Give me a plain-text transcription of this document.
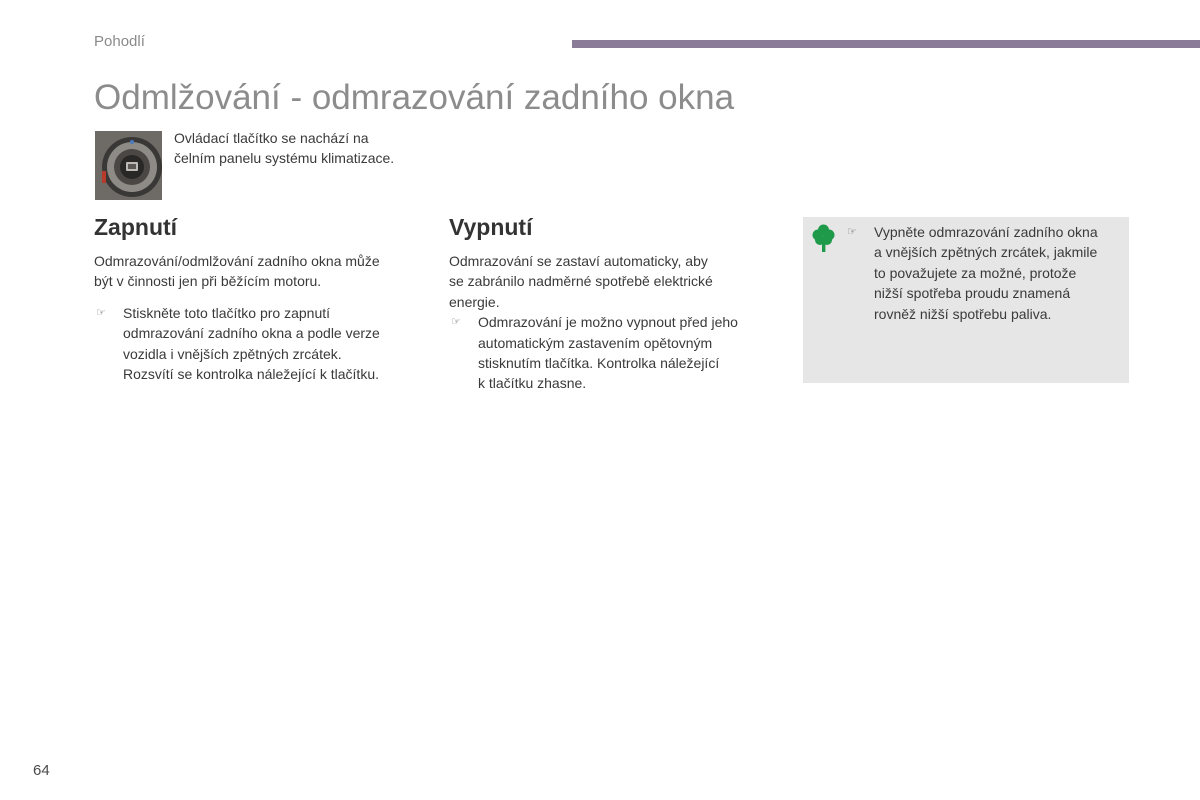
Pohodlí
Odmlžování - odmrazování zadního okna
Ovládací tlačítko se nachází na
čelním panelu systému klimatizace.
Zapnutí

Odmrazování/odmlžování zadního okna může
být v činnosti jen při běžícím motoru.

☞ Stiskněte toto tlačítko pro zapnutí
odmrazování zadního okna a podle verze
vozidla i vnějších zpětných zrcátek.
Rozsvítí se kontrolka náležející k tlačítku.
Vypnutí

Odmrazování se zastaví automaticky, aby
se zabránilo nadměrné spotřebě elektrické
energie.

☞ Odmrazování je možno vypnout před jeho
automatickým zastavením opětovným
stisknutím tlačítka. Kontrolka náležející
k tlačítku zhasne.
☞ Vypněte odmrazování zadního okna
a vnějších zpětných zrcátek, jakmile
to považujete za možné, protože
nižší spotřeba proudu znamená
rovněž nižší spotřebu paliva.
64
